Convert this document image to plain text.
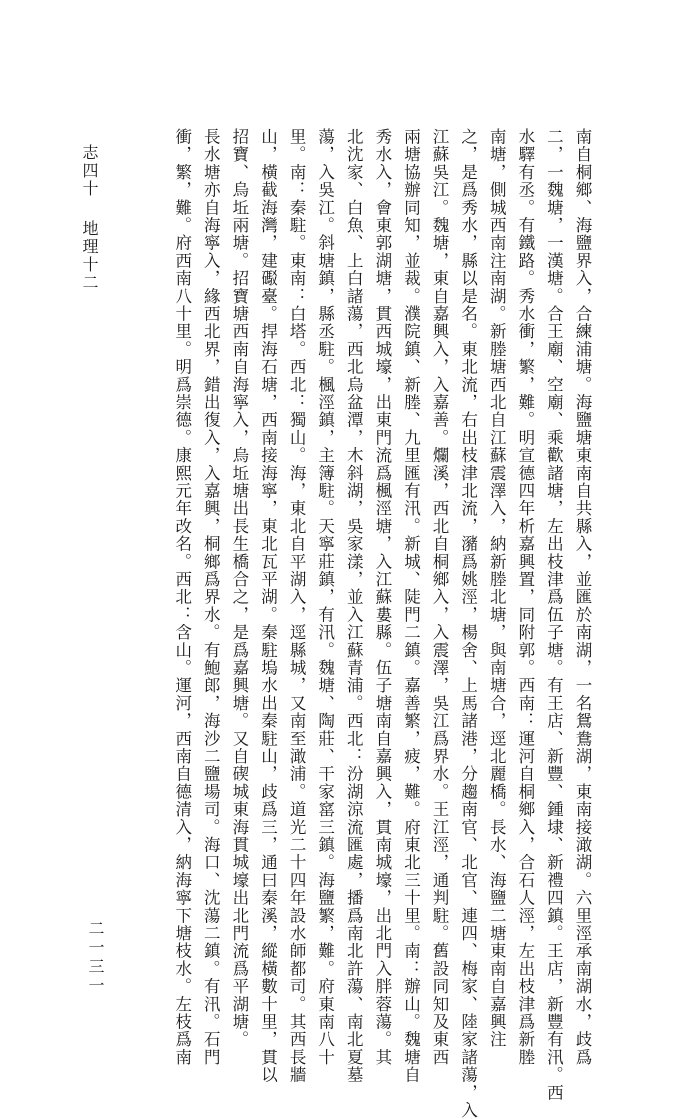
南自桐鄉、海鹽界入，合練浦塘。海鹽塘東南自共縣入，並匯於南湖，一名鴛鴦湖，東南接澉湖。六里涇承南湖水，歧爲
二，一魏塘，一漢塘。合王廟、空廟、乘歡諸塘，左出枝津爲伍子塘。有王店、新豐、鍾埭、新禮四鎮。王店，新豐有汛。西
水驛有丞。有鐵路。秀水衝，繁，難。明宣德四年析嘉興置，同附郭。西南：運河自桐鄉入，合石人涇，左出枝津爲新塍
南塘，側城西南注南湖。新塍塘西北自江蘇震澤入，納新塍北塘，與南塘合，逕北麗橋。長水、海鹽二塘東南自嘉興注
之，是爲秀水，縣以是名。東北流，右出枝津北流，瀦爲姚涇，楊舍、上馬諸港，分趨南官、北官、連四、梅家、陸家諸蕩，入
江蘇吳江。魏塘，東自嘉興入，入嘉善。爛溪，西北自桐鄉入，入震澤，吳江爲界水。王江涇，通判駐。舊設同知及東西
兩塘協辦同知，並裁。濮院鎮、新塍、九里匯有汛。新城、陡門二鎮。嘉善繁，疲，難。府東北三十里。南：辦山。魏塘自
秀水入，會東郭湖塘，貫西城壕，出東門流爲楓涇塘，入江蘇婁縣。伍子塘南自嘉興入，貫南城壕，出北門入胖蓉蕩。其
北沈家、白魚、上白諸蕩，西北烏盆潭，木斜湖，吳家漾，並入江蘇青浦。西北：汾湖涼流匯處，播爲南北許蕩、南北夏墓
蕩，入吳江。斜塘鎮，縣丞駐。楓涇鎮，主簿駐。天寧莊鎮，有汛。魏塘、陶莊、干家窰三鎮。海鹽繁，難。府東南八十
里。南：秦駐。東南：白塔。西北：獨山。海，東北自平湖入，逕縣城，又南至澉浦。道光二十四年設水師都司。其西長牆
山，橫截海灣，建礟臺。捍海石塘，西南接海寧，東北瓦平湖。秦駐塢水出秦駐山，歧爲三，通曰秦溪，縱橫數十里，貫以
招寶、烏坵兩塘。招寶塘西南自海寧入，烏坵塘出長生橋合之，是爲嘉興塘。又自碶城東海貫城壕出北門流爲平湖塘。
長水塘亦自海寧入，緣西北界，錯出復入，入嘉興，桐鄉爲界水。有鮑郎，海沙二鹽場司。海口、沈蕩二鎮。有汛。石門
衝，繁，難。府西南八十里。明爲崇德。康熙元年改名。西北：含山。運河，西南自德清入，納海寧下塘枝水。左枝爲南
志四十
地理十二
二一三一
